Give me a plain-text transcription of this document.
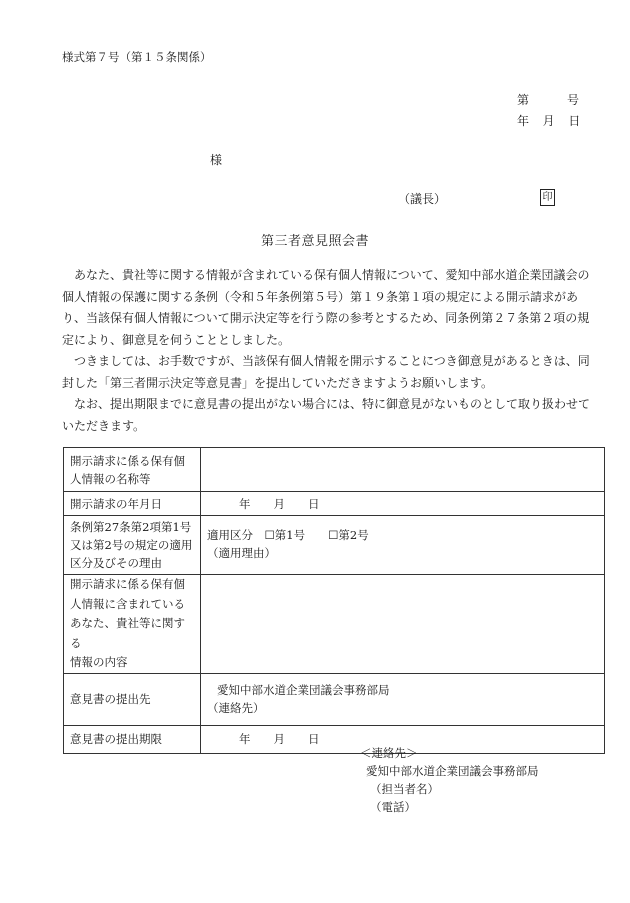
様式第７号（第１５条関係）
第	号
年 月 日
様
（議長）	印
第三者意見照会書

あなた、貴社等に関する情報が含まれている保有個人情報について、愛知中部水道企業団議会の個人情報の保護に関する条例（令和５年条例第５号）第１９条第１項の規定による開示請求があり、当該保有個人情報について開示決定等を行う際の参考とするため、同条例第２７条第２項の規定により、御意見を伺うこととしました。

つきましては、お手数ですが、当該保有個人情報を開示することにつき御意見があるときは、同封した「第三者開示決定等意見書」を提出していただきますようお願いします。

なお、提出期限までに意見書の提出がない場合には、特に御意見がないものとして取り扱わせていただきます。

開示請求に係る保有個
人情報の名称等	
開示請求の年月日	年　　月　　日
条例第27条第2項第1号
又は第2号の規定の適用
区分及びその理由	適用区分　☐第1号　　☐第2号
（適用理由）
開示請求に係る保有個
人情報に含まれている
あなた、貴社等に関する
情報の内容	
意見書の提出先	愛知中部水道企業団議会事務部局
（連絡先）
意見書の提出期限	年　　月　　日
＜連絡先＞
愛知中部水道企業団議会事務部局
（担当者名）
（電話）
